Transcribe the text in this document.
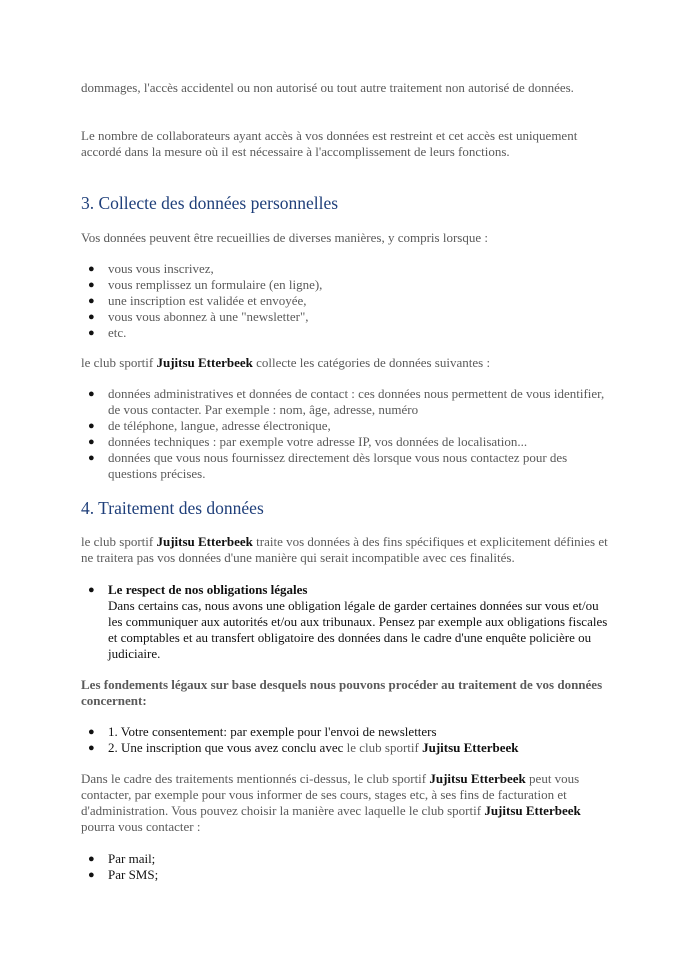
dommages, l'accès accidentel ou non autorisé ou tout autre traitement non autorisé de données.

Le nombre de collaborateurs ayant accès à vos données est restreint et cet accès est uniquement accordé dans la mesure où il est nécessaire à l'accomplissement de leurs fonctions.

3. Collecte des données personnelles

Vos données peuvent être recueillies de diverses manières, y compris lorsque :

● vous vous inscrivez,
● vous remplissez un formulaire (en ligne),
● une inscription est validée et envoyée,
● vous vous abonnez à une "newsletter",
● etc.

le club sportif Jujitsu Etterbeek collecte les catégories de données suivantes :

● données administratives et données de contact : ces données nous permettent de vous identifier, de vous contacter. Par exemple : nom, âge, adresse, numéro
● de téléphone, langue, adresse électronique,
● données techniques : par exemple votre adresse IP, vos données de localisation...
● données que vous nous fournissez directement dès lorsque vous nous contactez pour des questions précises.
4. Traitement des données

le club sportif Jujitsu Etterbeek traite vos données à des fins spécifiques et explicitement définies et ne traitera pas vos données d'une manière qui serait incompatible avec ces finalités.

● Le respect de nos obligations légales
Dans certains cas, nous avons une obligation légale de garder certaines données sur vous et/ou les communiquer aux autorités et/ou aux tribunaux. Pensez par exemple aux obligations fiscales et comptables et au transfert obligatoire des données dans le cadre d'une enquête policière ou judiciaire.

Les fondements légaux sur base desquels nous pouvons procéder au traitement de vos données concernent:

● 1. Votre consentement: par exemple pour l'envoi de newsletters
● 2. Une inscription que vous avez conclu avec le club sportif Jujitsu Etterbeek

Dans le cadre des traitements mentionnés ci-dessus, le club sportif Jujitsu Etterbeek peut vous contacter, par exemple pour vous informer de ses cours, stages etc, à ses fins de facturation et d'administration. Vous pouvez choisir la manière avec laquelle le club sportif Jujitsu Etterbeek pourra vous contacter :

● Par mail;
● Par SMS;
